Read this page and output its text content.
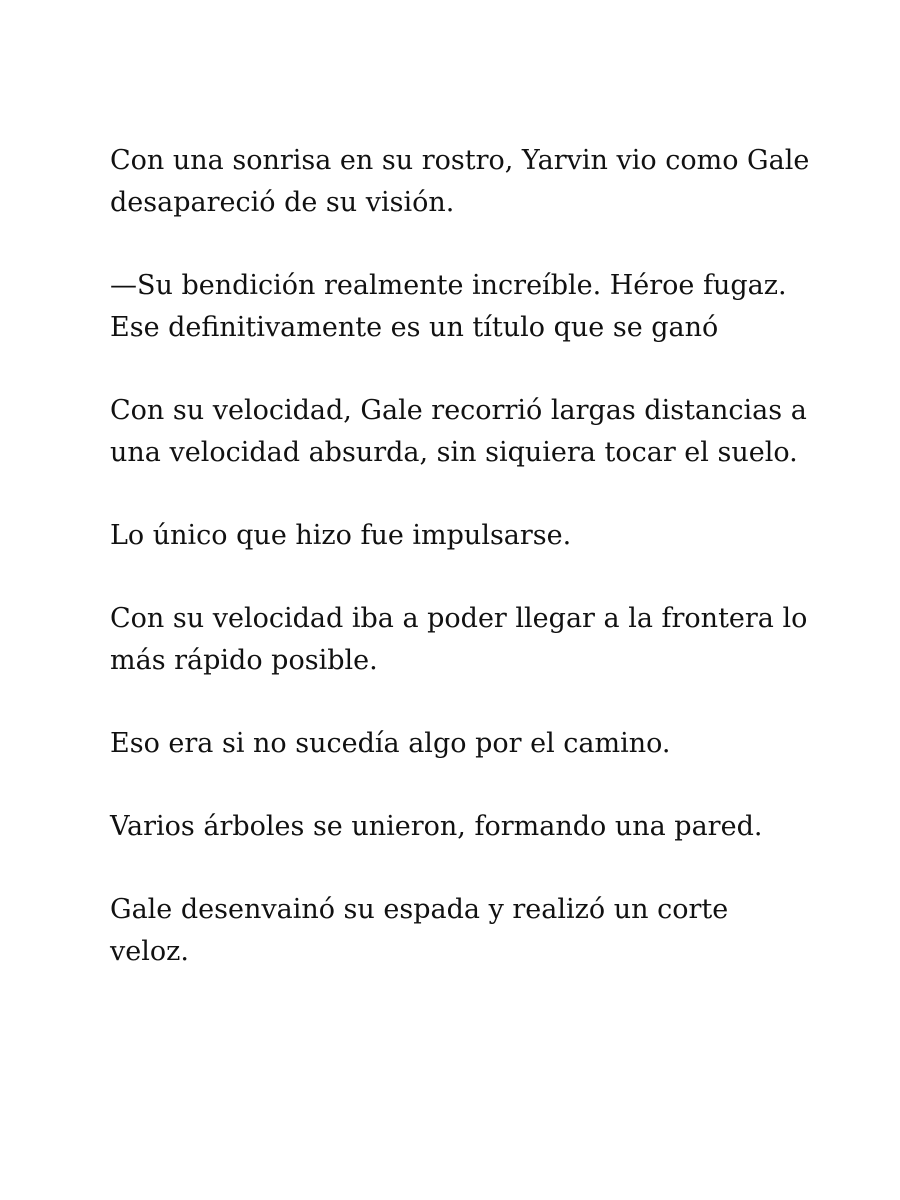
Con una sonrisa en su rostro, Yarvin vio como Gale desapareció de su visión.

—Su bendición realmente increíble. Héroe fugaz. Ese definitivamente es un título que se ganó

Con su velocidad, Gale recorrió largas distancias a una velocidad absurda, sin siquiera tocar el suelo.

Lo único que hizo fue impulsarse.

Con su velocidad iba a poder llegar a la frontera lo más rápido posible.

Eso era si no sucedía algo por el camino.

Varios árboles se unieron, formando una pared.

Gale desenvainó su espada y realizó un corte veloz.
